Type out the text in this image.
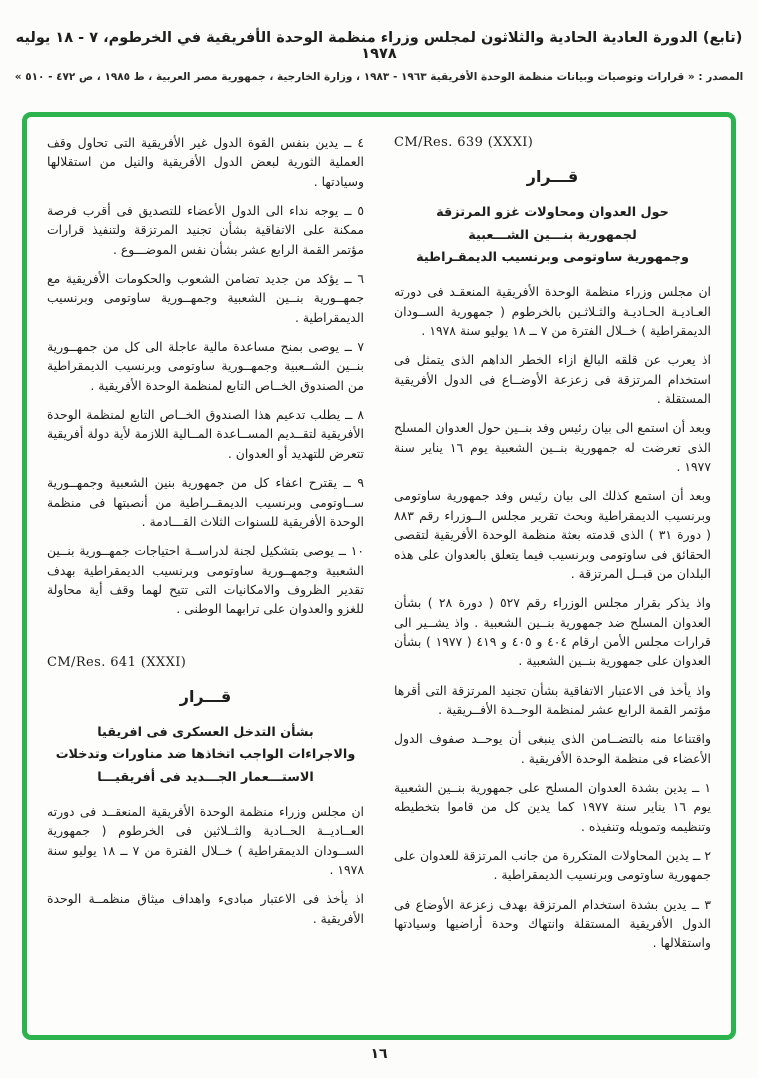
(تابع) الدورة العادية الحادية والثلاثون لمجلس وزراء منظمة الوحدة الأفريقية في الخرطوم، ٧ - ١٨ يوليه ١٩٧٨
المصدر : « قرارات وتوصيات وبيانات منظمة الوحدة الأفريقية ١٩٦٣ - ١٩٨٣ ، وزارة الخارجية ، جمهورية مصر العربية ، ط ١٩٨٥ ، ص ٤٧٢ - ٥١٠ »
CM/Res. 639 (XXXI)
قـــرار
حول العدوان ومحاولات غزو المرتزقة
لجمهورية بنـــين الشـــعبية
وجمهورية ساوتومى وبرنسيب الديمقـراطية

ان مجلس وزراء منظمة الوحدة الأفريقية المنعقـد فى دورته العـاديـة الحـاديـة والثـلاثـين بالخرطوم ( جمهورية الســودان الديمقراطية ) خــلال الفترة من ٧ ــ ١٨ يوليو سنة ١٩٧٨ .

اذ يعرب عن قلقه البالغ ازاء الخطر الداهم الذى يتمثل فى استخدام المرتزقة فى زعزعة الأوضــاع فى الدول الأفريقية المستقلة .

وبعد أن استمع الى بيان رئيس وفد بنــين حول العدوان المسلح الذى تعرضت له جمهورية بنــين الشعبية يوم ١٦ يناير سنة ١٩٧٧ .

وبعد أن استمع كذلك الى بيان رئيس وفد جمهورية ساوتومى وبرنسيب الديمقراطية وبحث تقرير مجلس الــوزراء رقم ٨٨٣ ( دورة ٣١ ) الذى قدمته بعثة منظمة الوحدة الأفريقية لتقصى الحقائق فى ساوتومى وبرنسيب فيما يتعلق بالعدوان على هذه البلدان من قبــل المرتزقة .

واذ يذكر بقرار مجلس الوزراء رقم ٥٢٧ ( دورة ٢٨ ) بشأن العدوان المسلح ضد جمهورية بنــين الشعبية . واذ يشــير الى قرارات مجلس الأمن ارقام ٤٠٤ و ٤٠٥ و ٤١٩ ( ١٩٧٧ ) بشأن العدوان على جمهورية بنــين الشعبية .

واذ يأخذ فى الاعتبار الاتفاقية بشأن تجنيد المرتزقة التى أقرها مؤتمر القمة الرابع عشر لمنظمة الوحــدة الأفــريقية .

واقتناعا منه بالتضــامن الذى ينبغى أن يوحــد صفوف الدول الأعضاء فى منظمة الوحدة الأفريقية .

١ ــ يدين بشدة العدوان المسلح على جمهورية بنــين الشعبية يوم ١٦ يناير سنة ١٩٧٧ كما يدين كل من قاموا بتخطيطه وتنظيمه وتمويله وتنفيذه .

٢ ــ يدين المحاولات المتكررة من جانب المرتزقة للعدوان على جمهورية ساوتومى وبرنسيب الديمقراطية .

٣ ــ يدين بشدة استخدام المرتزقة بهدف زعزعة الأوضاع فى الدول الأفريقية المستقلة وانتهاك وحدة أراضيها وسيادتها واستقلالها .

٤ ــ يدين بنفس القوة الدول غير الأفريقية التى تحاول وقف العملية الثورية لبعض الدول الأفريقية والنيل من استقلالها وسيادتها .

٥ ــ يوجه نداء الى الدول الأعضاء للتصديق فى أقرب فرصة ممكنة على الاتفاقية بشأن تجنيد المرتزقة ولتنفيذ قرارات مؤتمر القمة الرابع عشر بشأن نفس الموضـــوع .

٦ ــ يؤكد من جديد تضامن الشعوب والحكومات الأفريقية مع جمهــورية بنــين الشعبية وجمهــورية ساوتومى وبرنسيب الديمقراطية .

٧ ــ يوصى بمنح مساعدة مالية عاجلة الى كل من جمهــورية بنــين الشــعبية وجمهــورية ساوتومى وبرنسيب الديمقراطية من الصندوق الخــاص التابع لمنظمة الوحدة الأفريقية .

٨ ــ يطلب تدعيم هذا الصندوق الخــاص التابع لمنظمة الوحدة الأفريقية لتقــديم المســاعدة المــالية اللازمة لأية دولة أفريقية تتعرض للتهديد أو العدوان .

٩ ــ يقترح اعفاء كل من جمهورية بنين الشعبية وجمهــورية ســاوتومى وبرنسيب الديمقــراطية من أنصبتها فى منظمة الوحدة الأفريقية للسنوات الثلاث القـــادمة .

١٠ ــ يوصى بتشكيل لجنة لدراســة احتياجات جمهــورية بنــين الشعبية وجمهــورية ساوتومى وبرنسيب الديمقراطية بهدف تقدير الظروف والامكانيات التى تتيح لهما وقف أية محاولة للغزو والعدوان على ترابهما الوطنى .

CM/Res. 641 (XXXI)
قـــرار
بشأن التدخل العسكرى فى افريقيا
والاجراءات الواجب اتخاذها ضد مناورات وتدخلات
الاستـــعمار الجـــديد فى أفريقيـــا

ان مجلس وزراء منظمة الوحدة الأفريقية المنعقــد فى دورته العــاديــة الحــادية والثــلاثين فى الخرطوم ( جمهورية الســودان الديمقراطية ) خــلال الفترة من ٧ ــ ١٨ يوليو سنة ١٩٧٨ .

اذ يأخذ فى الاعتبار مبادىء واهداف ميثاق منظمــة الوحدة الأفريقية .

١٦
